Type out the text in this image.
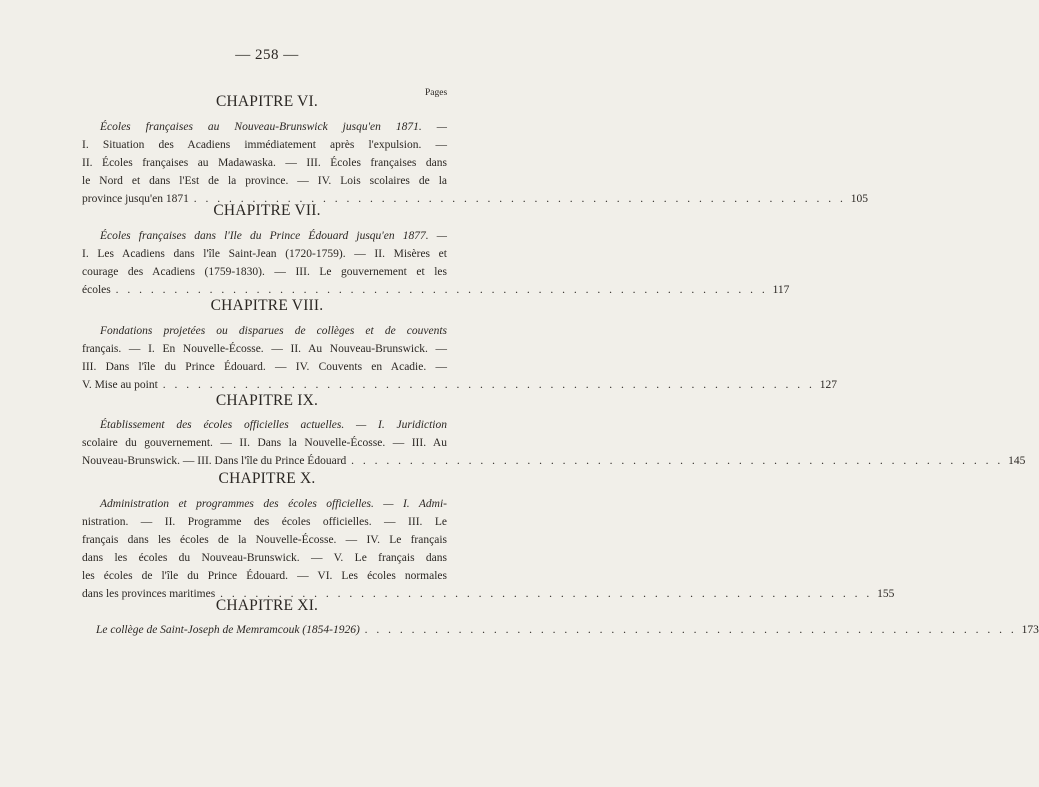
— 258 —
Pages
CHAPITRE VI.
Écoles françaises au Nouveau-Brunswick jusqu'en 1871. —
I. Situation des Acadiens immédiatement après l'expulsion. —
II. Écoles françaises au Madawaska. — III. Écoles françaises dans
le Nord et dans l'Est de la province. — IV. Lois scolaires de la
province jusqu'en 1871 . . .	105
CHAPITRE VII.
Écoles françaises dans l'Ile du Prince Édouard jusqu'en 1877. —
I. Les Acadiens dans l'île Saint-Jean (1720-1759). — II. Misères et
courage des Acadiens (1759-1830). — III. Le gouvernement et les
écoles . . .	117
CHAPITRE VIII.
Fondations projetées ou disparues de collèges et de couvents
français. — I. En Nouvelle-Écosse. — II. Au Nouveau-Brunswick. —
III. Dans l'île du Prince Édouard. — IV. Couvents en Acadie. —
V. Mise au point . . .	127
CHAPITRE IX.
Établissement des écoles officielles actuelles. — I. Juridiction
scolaire du gouvernement. — II. Dans la Nouvelle-Écosse. — III. Au
Nouveau-Brunswick. — III. Dans l'île du Prince Édouard . . .	145
CHAPITRE X.
Administration et programmes des écoles officielles. — I. Admi-
nistration. — II. Programme des écoles officielles. — III. Le
français dans les écoles de la Nouvelle-Écosse. — IV. Le français
dans les écoles du Nouveau-Brunswick. — V. Le français dans
les écoles de l'île du Prince Édouard. — VI. Les écoles normales
dans les provinces maritimes . . .	155
CHAPITRE XI.
Le collège de Saint-Joseph de Memramcouk (1854-1926) . . .	173
